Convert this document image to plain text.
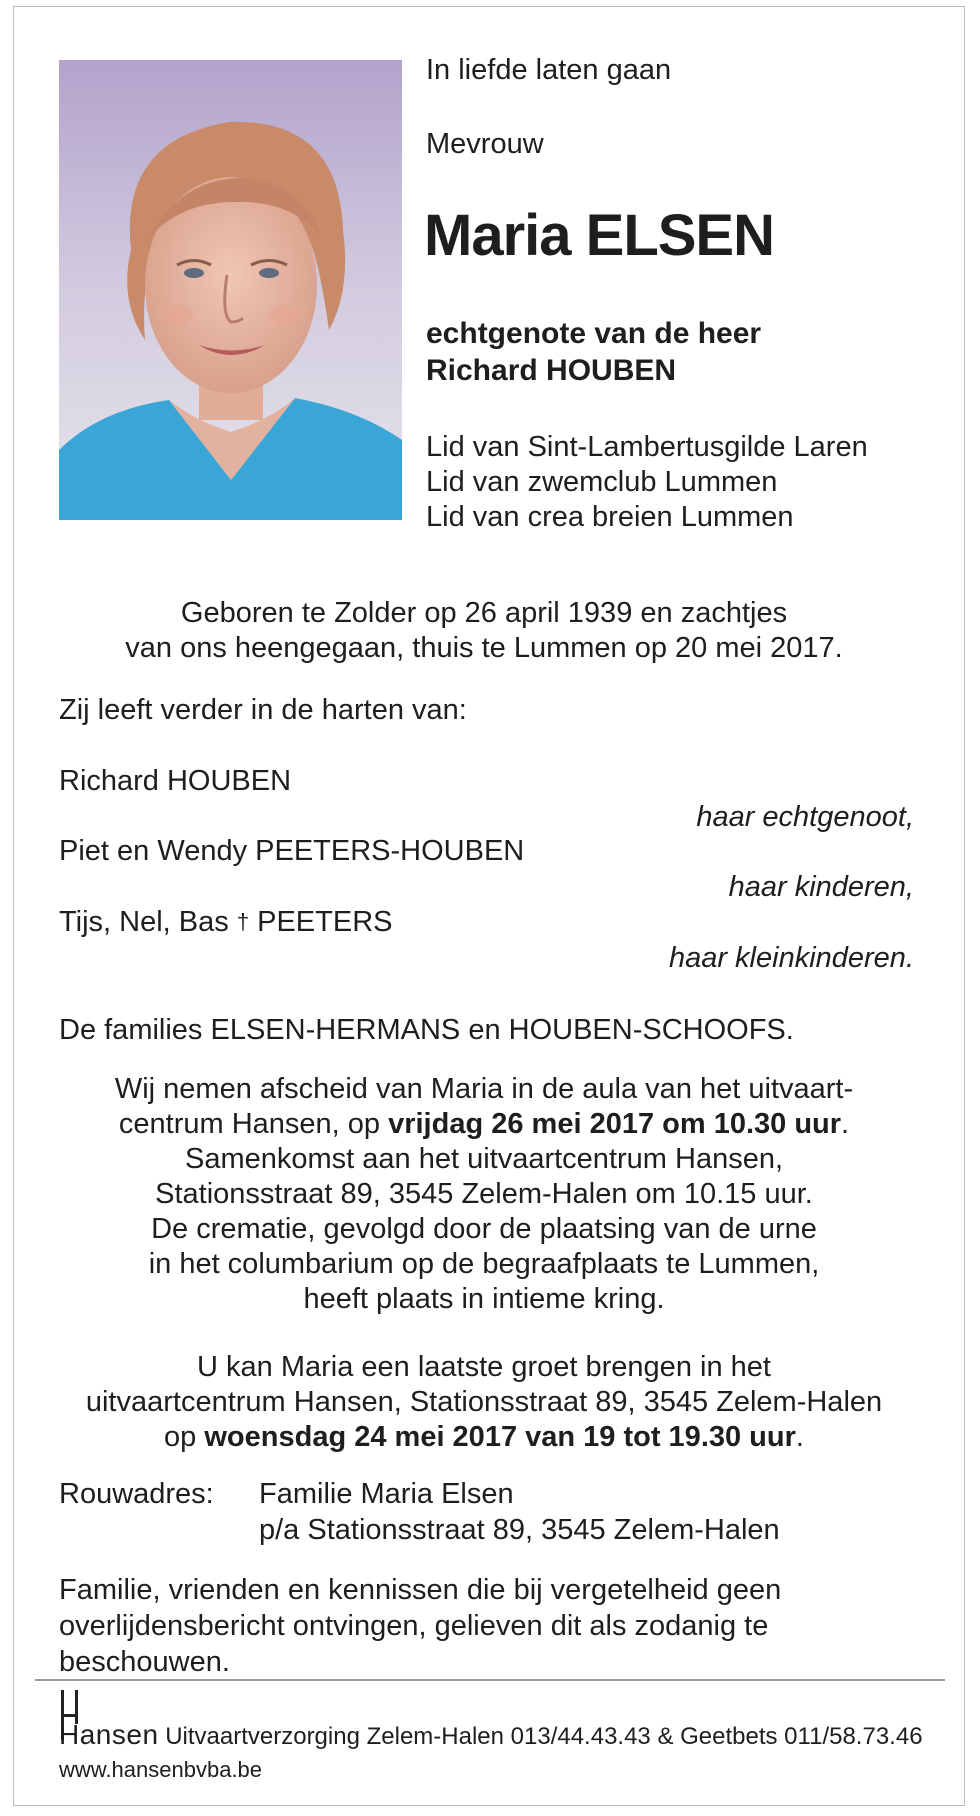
In liefde laten gaan
Mevrouw
Maria ELSEN
echtgenote van de heer
Richard HOUBEN
Lid van Sint-Lambertusgilde Laren
Lid van zwemclub Lummen
Lid van crea breien Lummen
Geboren te Zolder op 26 april 1939 en zachtjes
van ons heengegaan, thuis te Lummen op 20 mei 2017.
Zij leeft verder in de harten van:
Richard HOUBEN
haar echtgenoot,
Piet en Wendy PEETERS-HOUBEN
haar kinderen,
Tijs, Nel, Bas † PEETERS
haar kleinkinderen.
De families ELSEN-HERMANS en HOUBEN-SCHOOFS.
Wij nemen afscheid van Maria in de aula van het uitvaart-
centrum Hansen, op vrijdag 26 mei 2017 om 10.30 uur.
Samenkomst aan het uitvaartcentrum Hansen,
Stationsstraat 89, 3545 Zelem-Halen om 10.15 uur.
De crematie, gevolgd door de plaatsing van de urne
in het columbarium op de begraafplaats te Lummen,
heeft plaats in intieme kring.
U kan Maria een laatste groet brengen in het
uitvaartcentrum Hansen, Stationsstraat 89, 3545 Zelem-Halen
op woensdag 24 mei 2017 van 19 tot 19.30 uur.
Rouwadres:	Familie Maria Elsen
p/a Stationsstraat 89, 3545 Zelem-Halen
Familie, vrienden en kennissen die bij vergetelheid geen
overlijdensbericht ontvingen, gelieven dit als zodanig te
beschouwen.
Hansen Uitvaartverzorging Zelem-Halen 013/44.43.43 & Geetbets 011/58.73.46
www.hansenbvba.be
